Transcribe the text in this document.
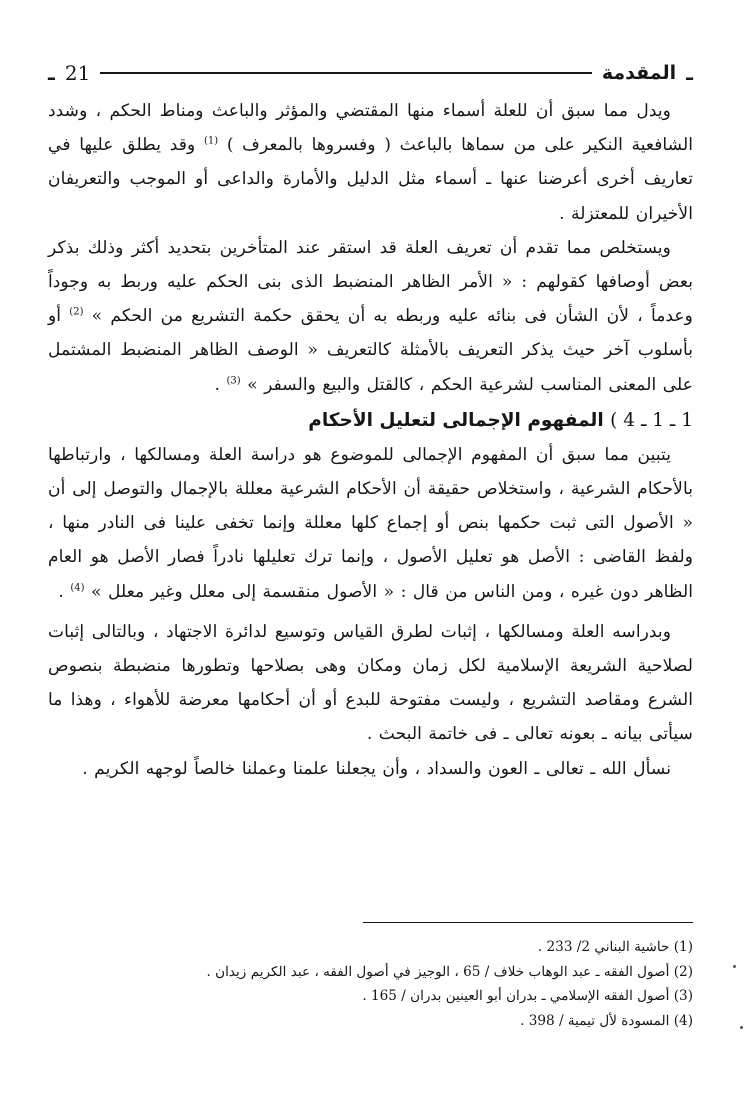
ـ
المقدمة
21
ـ

ويدل مما سبق أن للعلة أسماء منها المقتضي والمؤثر والباعث ومناط الحكم ، وشدد الشافعية النكير على من سماها بالباعث ( وفسروها بالمعرف ) $^{(1)}$ وقد يطلق عليها في تعاريف أخرى أعرضنا عنها ـ أسماء مثل الدليل والأمارة والداعى أو الموجب والتعريفان الأخيران للمعتزلة .

ويستخلص مما تقدم أن تعريف العلة قد استقر عند المتأخرين بتحديد أكثر وذلك بذكر بعض أوصافها كقولهم : « الأمر الظاهر المنضبط الذى بنى الحكم عليه وربط به وجوداً وعدماً ، لأن الشأن فى بنائه عليه وربطه به أن يحقق حكمة التشريع من الحكم » $^{(2)}$ أو بأسلوب آخر حيث يذكر التعريف بالأمثلة كالتعريف « الوصف الظاهر المنضبط المشتمل على المعنى المناسب لشرعية الحكم ، كالقتل والبيع والسفر » $^{(3)}$ .

1 ـ 1 ـ 4 ) المفهوم الإجمالى لتعليل الأحكام

يتبين مما سبق أن المفهوم الإجمالى للموضوع هو دراسة العلة ومسالكها ، وارتباطها بالأحكام الشرعية ، واستخلاص حقيقة أن الأحكام الشرعية معللة بالإجمال والتوصل إلى أن « الأصول التى ثبت حكمها بنص أو إجماع كلها معللة وإنما تخفى علينا فى النادر منها ، ولفظ القاضى : الأصل هو تعليل الأصول ، وإنما ترك تعليلها نادراً فصار الأصل هو العام الظاهر دون غيره ، ومن الناس من قال : « الأصول منقسمة إلى معلل وغير معلل » $^{(4)}$ .

وبدراسه العلة ومسالكها ، إثبات لطرق القياس وتوسيع لدائرة الاجتهاد ، وبالتالى إثبات لصلاحية الشريعة الإسلامية لكل زمان ومكان وهى بصلاحها وتطورها منضبطة بنصوص الشرع ومقاصد التشريع ، وليست مفتوحة للبدع أو أن أحكامها معرضة للأهواء ، وهذا ما سيأتى بيانه ـ بعونه تعالى ـ فى خاتمة البحث .

نسأل الله ـ تعالى ـ العون والسداد ، وأن يجعلنا علمنا وعملنا خالصاً لوجهه الكريم .

(1) حاشية البناني 2/ 233 .

(2) أصول الفقه ـ عبد الوهاب خلاف / 65 ، الوجيز في أصول الفقه ، عبد الكريم زيدان .

(3) أصول الفقه الإسلامي ـ بدران أبو العينين بدران / 165 .

(4) المسودة لأل تيمية / 398 .
